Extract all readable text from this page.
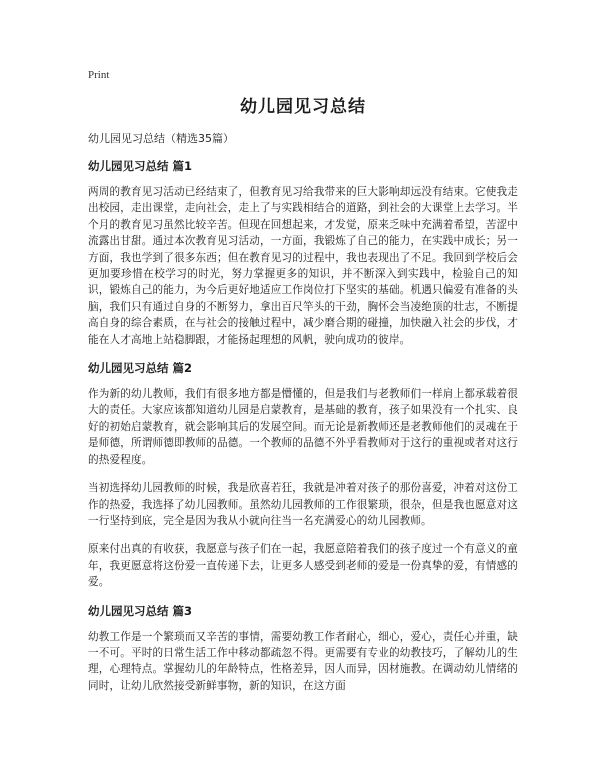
Print
幼儿园见习总结
幼儿园见习总结（精选35篇）
幼儿园见习总结 篇1

两周的教育见习活动已经结束了，但教育见习给我带来的巨大影响却远没有结束。它使我走出校园，走出课堂，走向社会，走上了与实践相结合的道路，到社会的大课堂上去学习。半个月的教育见习虽然比较辛苦。但现在回想起来，才发觉，原来乏味中充满着希望，苦涩中流露出甘甜。通过本次教育见习活动，一方面，我锻炼了自己的能力，在实践中成长；另一方面，我也学到了很多东西；但在教育见习的过程中，我也表现出了不足。我回到学校后会更加要珍惜在校学习的时光，努力掌握更多的知识，并不断深入到实践中，检验自己的知识，锻炼自己的能力，为今后更好地适应工作岗位打下坚实的基础。机遇只偏爱有准备的头脑，我们只有通过自身的不断努力，拿出百尺竿头的干劲，胸怀会当凌绝顶的壮志，不断提高自身的综合素质，在与社会的接触过程中，减少磨合期的碰撞，加快融入社会的步伐，才能在人才高地上站稳脚跟，才能扬起理想的风帆，驶向成功的彼岸。

幼儿园见习总结 篇2

作为新的幼儿教师，我们有很多地方都是懵懂的，但是我们与老教师们一样肩上都承载着很大的责任。大家应该都知道幼儿园是启蒙教育，是基础的教育，孩子如果没有一个扎实、良好的初始启蒙教育，就会影响其后的发展空间。而无论是新教师还是老教师他们的灵魂在于是师德，所谓师德即教师的品德。一个教师的品德不外乎看教师对于这行的重视或者对这行的热爱程度。

当初选择幼儿园教师的时候，我是欣喜若狂，我就是冲着对孩子的那份喜爱，冲着对这份工作的热爱，我选择了幼儿园教师。虽然幼儿园教师的工作很繁琐，很杂，但是我也愿意对这一行坚持到底，完全是因为我从小就向往当一名充满爱心的幼儿园教师。

原来付出真的有收获，我愿意与孩子们在一起，我愿意陪着我们的孩子度过一个有意义的童年，我更愿意将这份爱一直传递下去，让更多人感受到老师的爱是一份真挚的爱，有情感的爱。

幼儿园见习总结 篇3

幼教工作是一个繁琐而又辛苦的事情，需要幼教工作者耐心，细心，爱心，责任心并重，缺一不可。平时的日常生活工作中移动都疏忽不得。更需要有专业的幼教技巧，了解幼儿的生理，心理特点。掌握幼儿的年龄特点，性格差异，因人而异，因材施教。在调动幼儿情绪的同时，让幼儿欣然接受新鲜事物，新的知识，在这方面
